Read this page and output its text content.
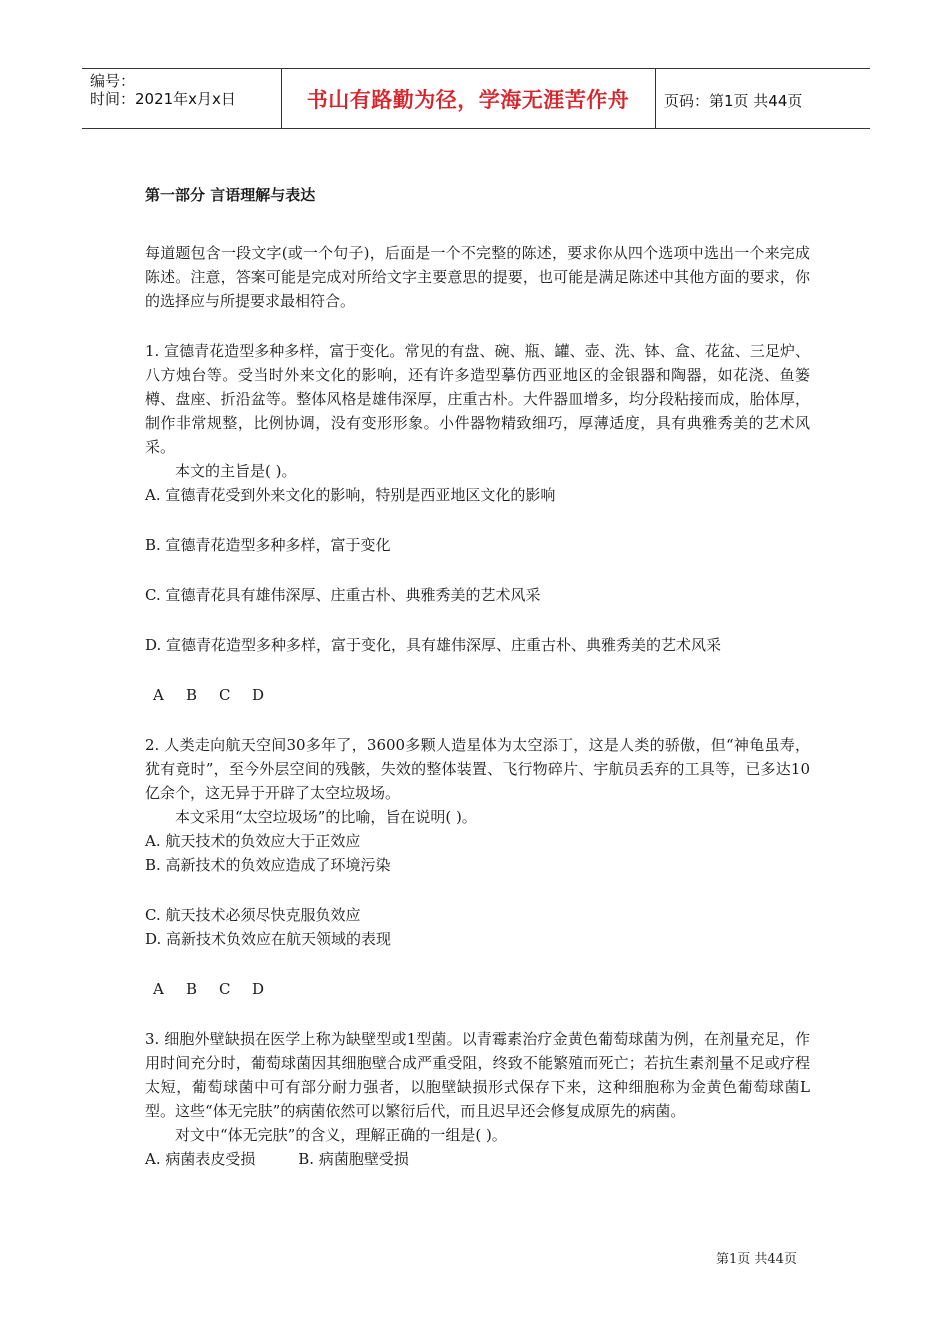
编号：
时间：2021年x月x日	书山有路勤为径，学海无涯苦作舟	页码：第1页 共44页

第一部分 言语理解与表达

每道题包含一段文字(或一个句子)，后面是一个不完整的陈述，要求你从四个选项中选出一个来完成陈述。注意，答案可能是完成对所给文字主要意思的提要，也可能是满足陈述中其他方面的要求，你的选择应与所提要求最相符合。

1. 宣德青花造型多种多样，富于变化。常见的有盘、碗、瓶、罐、壶、洗、钵、盒、花盆、三足炉、八方烛台等。受当时外来文化的影响，还有许多造型摹仿西亚地区的金银器和陶器，如花浇、鱼篓樽、盘座、折沿盆等。整体风格是雄伟深厚，庄重古朴。大件器皿增多，均分段粘接而成，胎体厚，制作非常规整，比例协调，没有变形形象。小件器物精致细巧，厚薄适度，具有典雅秀美的艺术风采。

本文的主旨是( )。

A. 宣德青花受到外来文化的影响，特别是西亚地区文化的影响

B. 宣德青花造型多种多样，富于变化

C. 宣德青花具有雄伟深厚、庄重古朴、典雅秀美的艺术风采

D. 宣德青花造型多种多样，富于变化，具有雄伟深厚、庄重古朴、典雅秀美的艺术风采

A B C D

2. 人类走向航天空间30多年了，3600多颗人造星体为太空添丁，这是人类的骄傲，但“神龟虽寿，犹有竟时”，至今外层空间的残骸，失效的整体装置、飞行物碎片、宇航员丢弃的工具等，已多达10亿余个，这无异于开辟了太空垃圾场。

本文采用“太空垃圾场”的比喻，旨在说明( )。

A. 航天技术的负效应大于正效应

B. 高新技术的负效应造成了环境污染

C. 航天技术必须尽快克服负效应

D. 高新技术负效应在航天领域的表现

A B C D

3. 细胞外壁缺损在医学上称为缺壁型或1型菌。以青霉素治疗金黄色葡萄球菌为例，在剂量充足，作用时间充分时，葡萄球菌因其细胞壁合成严重受阻，终致不能繁殖而死亡；若抗生素剂量不足或疗程太短，葡萄球菌中可有部分耐力强者，以胞壁缺损形式保存下来，这种细胞称为金黄色葡萄球菌L型。这些“体无完肤”的病菌依然可以繁衍后代，而且迟早还会修复成原先的病菌。

对文中“体无完肤”的含义，理解正确的一组是( )。

A. 病菌表皮受损         B. 病菌胞壁受损

第1页 共44页
